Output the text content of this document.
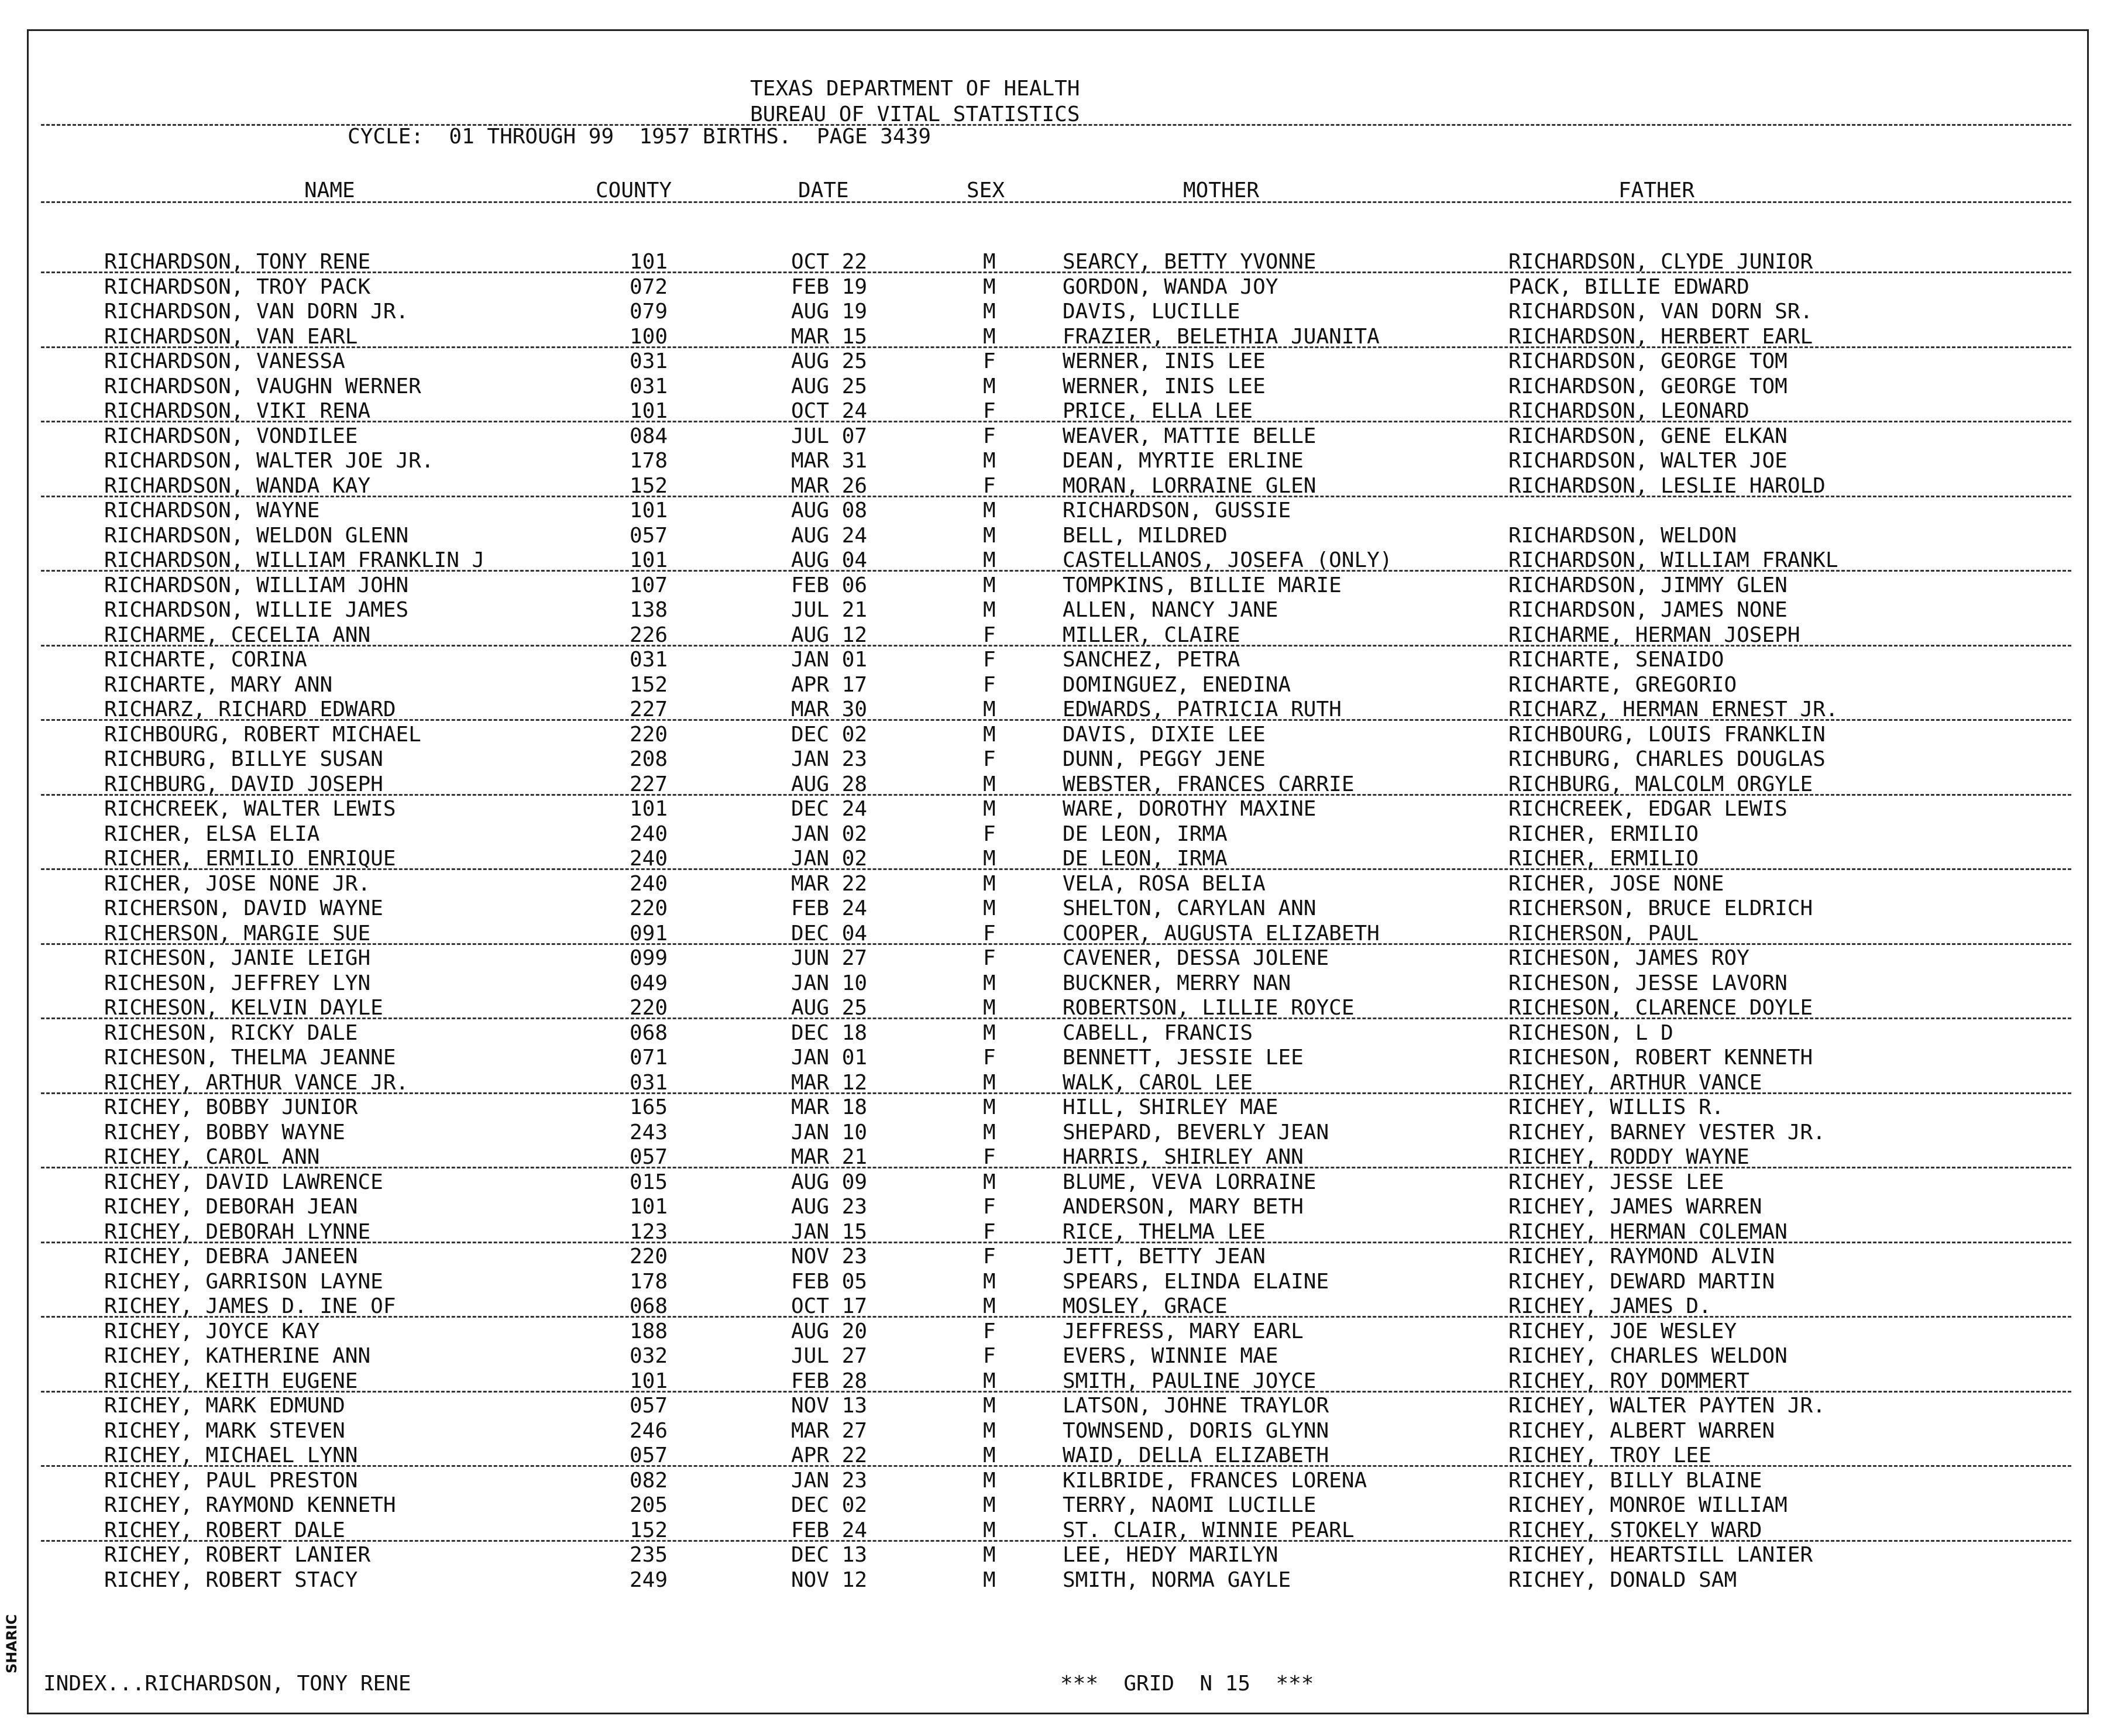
TEXAS DEPARTMENT OF HEALTH
BUREAU OF VITAL STATISTICS
CYCLE:  01 THROUGH 99  1957 BIRTHS.  PAGE 3439
NAME	COUNTY	DATE	SEX	MOTHER	FATHER
RICHARDSON, TONY RENE	101	OCT 22	M	SEARCY, BETTY YVONNE	RICHARDSON, CLYDE JUNIOR
RICHARDSON, TROY PACK	072	FEB 19	M	GORDON, WANDA JOY	PACK, BILLIE EDWARD
RICHARDSON, VAN DORN JR.	079	AUG 19	M	DAVIS, LUCILLE	RICHARDSON, VAN DORN SR.
RICHARDSON, VAN EARL	100	MAR 15	M	FRAZIER, BELETHIA JUANITA	RICHARDSON, HERBERT EARL
RICHARDSON, VANESSA	031	AUG 25	F	WERNER, INIS LEE	RICHARDSON, GEORGE TOM
RICHARDSON, VAUGHN WERNER	031	AUG 25	M	WERNER, INIS LEE	RICHARDSON, GEORGE TOM
RICHARDSON, VIKI RENA	101	OCT 24	F	PRICE, ELLA LEE	RICHARDSON, LEONARD
RICHARDSON, VONDILEE	084	JUL 07	F	WEAVER, MATTIE BELLE	RICHARDSON, GENE ELKAN
RICHARDSON, WALTER JOE JR.	178	MAR 31	M	DEAN, MYRTIE ERLINE	RICHARDSON, WALTER JOE
RICHARDSON, WANDA KAY	152	MAR 26	F	MORAN, LORRAINE GLEN	RICHARDSON, LESLIE HAROLD
RICHARDSON, WAYNE	101	AUG 08	M	RICHARDSON, GUSSIE
RICHARDSON, WELDON GLENN	057	AUG 24	M	BELL, MILDRED	RICHARDSON, WELDON
RICHARDSON, WILLIAM FRANKLIN J	101	AUG 04	M	CASTELLANOS, JOSEFA (ONLY)	RICHARDSON, WILLIAM FRANKL
RICHARDSON, WILLIAM JOHN	107	FEB 06	M	TOMPKINS, BILLIE MARIE	RICHARDSON, JIMMY GLEN
RICHARDSON, WILLIE JAMES	138	JUL 21	M	ALLEN, NANCY JANE	RICHARDSON, JAMES NONE
RICHARME, CECELIA ANN	226	AUG 12	F	MILLER, CLAIRE	RICHARME, HERMAN JOSEPH
RICHARTE, CORINA	031	JAN 01	F	SANCHEZ, PETRA	RICHARTE, SENAIDO
RICHARTE, MARY ANN	152	APR 17	F	DOMINGUEZ, ENEDINA	RICHARTE, GREGORIO
RICHARZ, RICHARD EDWARD	227	MAR 30	M	EDWARDS, PATRICIA RUTH	RICHARZ, HERMAN ERNEST JR.
RICHBOURG, ROBERT MICHAEL	220	DEC 02	M	DAVIS, DIXIE LEE	RICHBOURG, LOUIS FRANKLIN
RICHBURG, BILLYE SUSAN	208	JAN 23	F	DUNN, PEGGY JENE	RICHBURG, CHARLES DOUGLAS
RICHBURG, DAVID JOSEPH	227	AUG 28	M	WEBSTER, FRANCES CARRIE	RICHBURG, MALCOLM ORGYLE
RICHCREEK, WALTER LEWIS	101	DEC 24	M	WARE, DOROTHY MAXINE	RICHCREEK, EDGAR LEWIS
RICHER, ELSA ELIA	240	JAN 02	F	DE LEON, IRMA	RICHER, ERMILIO
RICHER, ERMILIO ENRIQUE	240	JAN 02	M	DE LEON, IRMA	RICHER, ERMILIO
RICHER, JOSE NONE JR.	240	MAR 22	M	VELA, ROSA BELIA	RICHER, JOSE NONE
RICHERSON, DAVID WAYNE	220	FEB 24	M	SHELTON, CARYLAN ANN	RICHERSON, BRUCE ELDRICH
RICHERSON, MARGIE SUE	091	DEC 04	F	COOPER, AUGUSTA ELIZABETH	RICHERSON, PAUL
RICHESON, JANIE LEIGH	099	JUN 27	F	CAVENER, DESSA JOLENE	RICHESON, JAMES ROY
RICHESON, JEFFREY LYN	049	JAN 10	M	BUCKNER, MERRY NAN	RICHESON, JESSE LAVORN
RICHESON, KELVIN DAYLE	220	AUG 25	M	ROBERTSON, LILLIE ROYCE	RICHESON, CLARENCE DOYLE
RICHESON, RICKY DALE	068	DEC 18	M	CABELL, FRANCIS	RICHESON, L D
RICHESON, THELMA JEANNE	071	JAN 01	F	BENNETT, JESSIE LEE	RICHESON, ROBERT KENNETH
RICHEY, ARTHUR VANCE JR.	031	MAR 12	M	WALK, CAROL LEE	RICHEY, ARTHUR VANCE
RICHEY, BOBBY JUNIOR	165	MAR 18	M	HILL, SHIRLEY MAE	RICHEY, WILLIS R.
RICHEY, BOBBY WAYNE	243	JAN 10	M	SHEPARD, BEVERLY JEAN	RICHEY, BARNEY VESTER JR.
RICHEY, CAROL ANN	057	MAR 21	F	HARRIS, SHIRLEY ANN	RICHEY, RODDY WAYNE
RICHEY, DAVID LAWRENCE	015	AUG 09	M	BLUME, VEVA LORRAINE	RICHEY, JESSE LEE
RICHEY, DEBORAH JEAN	101	AUG 23	F	ANDERSON, MARY BETH	RICHEY, JAMES WARREN
RICHEY, DEBORAH LYNNE	123	JAN 15	F	RICE, THELMA LEE	RICHEY, HERMAN COLEMAN
RICHEY, DEBRA JANEEN	220	NOV 23	F	JETT, BETTY JEAN	RICHEY, RAYMOND ALVIN
RICHEY, GARRISON LAYNE	178	FEB 05	M	SPEARS, ELINDA ELAINE	RICHEY, DEWARD MARTIN
RICHEY, JAMES D. INE OF	068	OCT 17	M	MOSLEY, GRACE	RICHEY, JAMES D.
RICHEY, JOYCE KAY	188	AUG 20	F	JEFFRESS, MARY EARL	RICHEY, JOE WESLEY
RICHEY, KATHERINE ANN	032	JUL 27	F	EVERS, WINNIE MAE	RICHEY, CHARLES WELDON
RICHEY, KEITH EUGENE	101	FEB 28	M	SMITH, PAULINE JOYCE	RICHEY, ROY DOMMERT
RICHEY, MARK EDMUND	057	NOV 13	M	LATSON, JOHNE TRAYLOR	RICHEY, WALTER PAYTEN JR.
RICHEY, MARK STEVEN	246	MAR 27	M	TOWNSEND, DORIS GLYNN	RICHEY, ALBERT WARREN
RICHEY, MICHAEL LYNN	057	APR 22	M	WAID, DELLA ELIZABETH	RICHEY, TROY LEE
RICHEY, PAUL PRESTON	082	JAN 23	M	KILBRIDE, FRANCES LORENA	RICHEY, BILLY BLAINE
RICHEY, RAYMOND KENNETH	205	DEC 02	M	TERRY, NAOMI LUCILLE	RICHEY, MONROE WILLIAM
RICHEY, ROBERT DALE	152	FEB 24	M	ST. CLAIR, WINNIE PEARL	RICHEY, STOKELY WARD
RICHEY, ROBERT LANIER	235	DEC 13	M	LEE, HEDY MARILYN	RICHEY, HEARTSILL LANIER
RICHEY, ROBERT STACY	249	NOV 12	M	SMITH, NORMA GAYLE	RICHEY, DONALD SAM
INDEX...RICHARDSON, TONY RENE	***  GRID  N 15  ***
SHARIC
